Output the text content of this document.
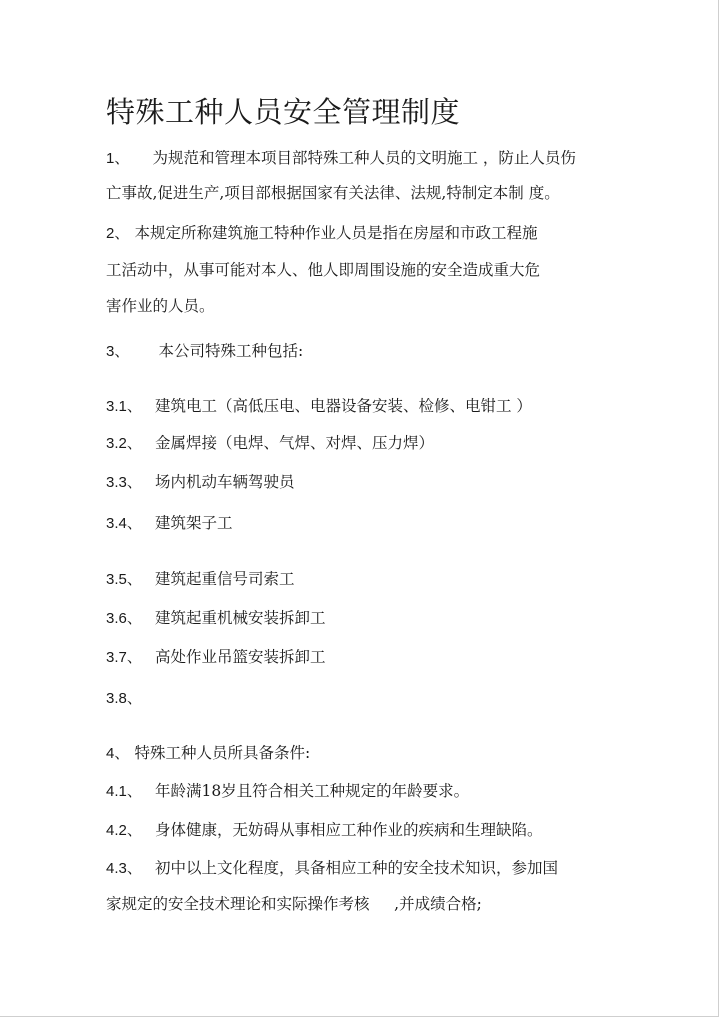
特殊工种人员安全管理制度
1、 为规范和管理本项目部特殊工种人员的文明施工 ，防止人员伤
亡事故,促进生产,项目部根据国家有关法律、法规,特制定本制 度。
2、 本规定所称建筑施工特种作业人员是指在房屋和市政工程施
工活动中，从事可能对本人、他人即周围设施的安全造成重大危
害作业的人员。
3、 本公司特殊工种包括:
3.1、 建筑电工（高低压电、电器设备安装、检修、电钳工 ）
3.2、 金属焊接（电焊、气焊、对焊、压力焊）
3.3、 场内机动车辆驾驶员
3.4、 建筑架子工
3.5、 建筑起重信号司索工
3.6、 建筑起重机械安装拆卸工
3.7、 高处作业吊篮安装拆卸工
3.8、
4、 特殊工种人员所具备条件:
4.1、 年龄满18岁且符合相关工种规定的年龄要求。
4.2、 身体健康，无妨碍从事相应工种作业的疾病和生理缺陷。
4.3、 初中以上文化程度，具备相应工种的安全技术知识，参加国
家规定的安全技术理论和实际操作考核     ,并成绩合格;
